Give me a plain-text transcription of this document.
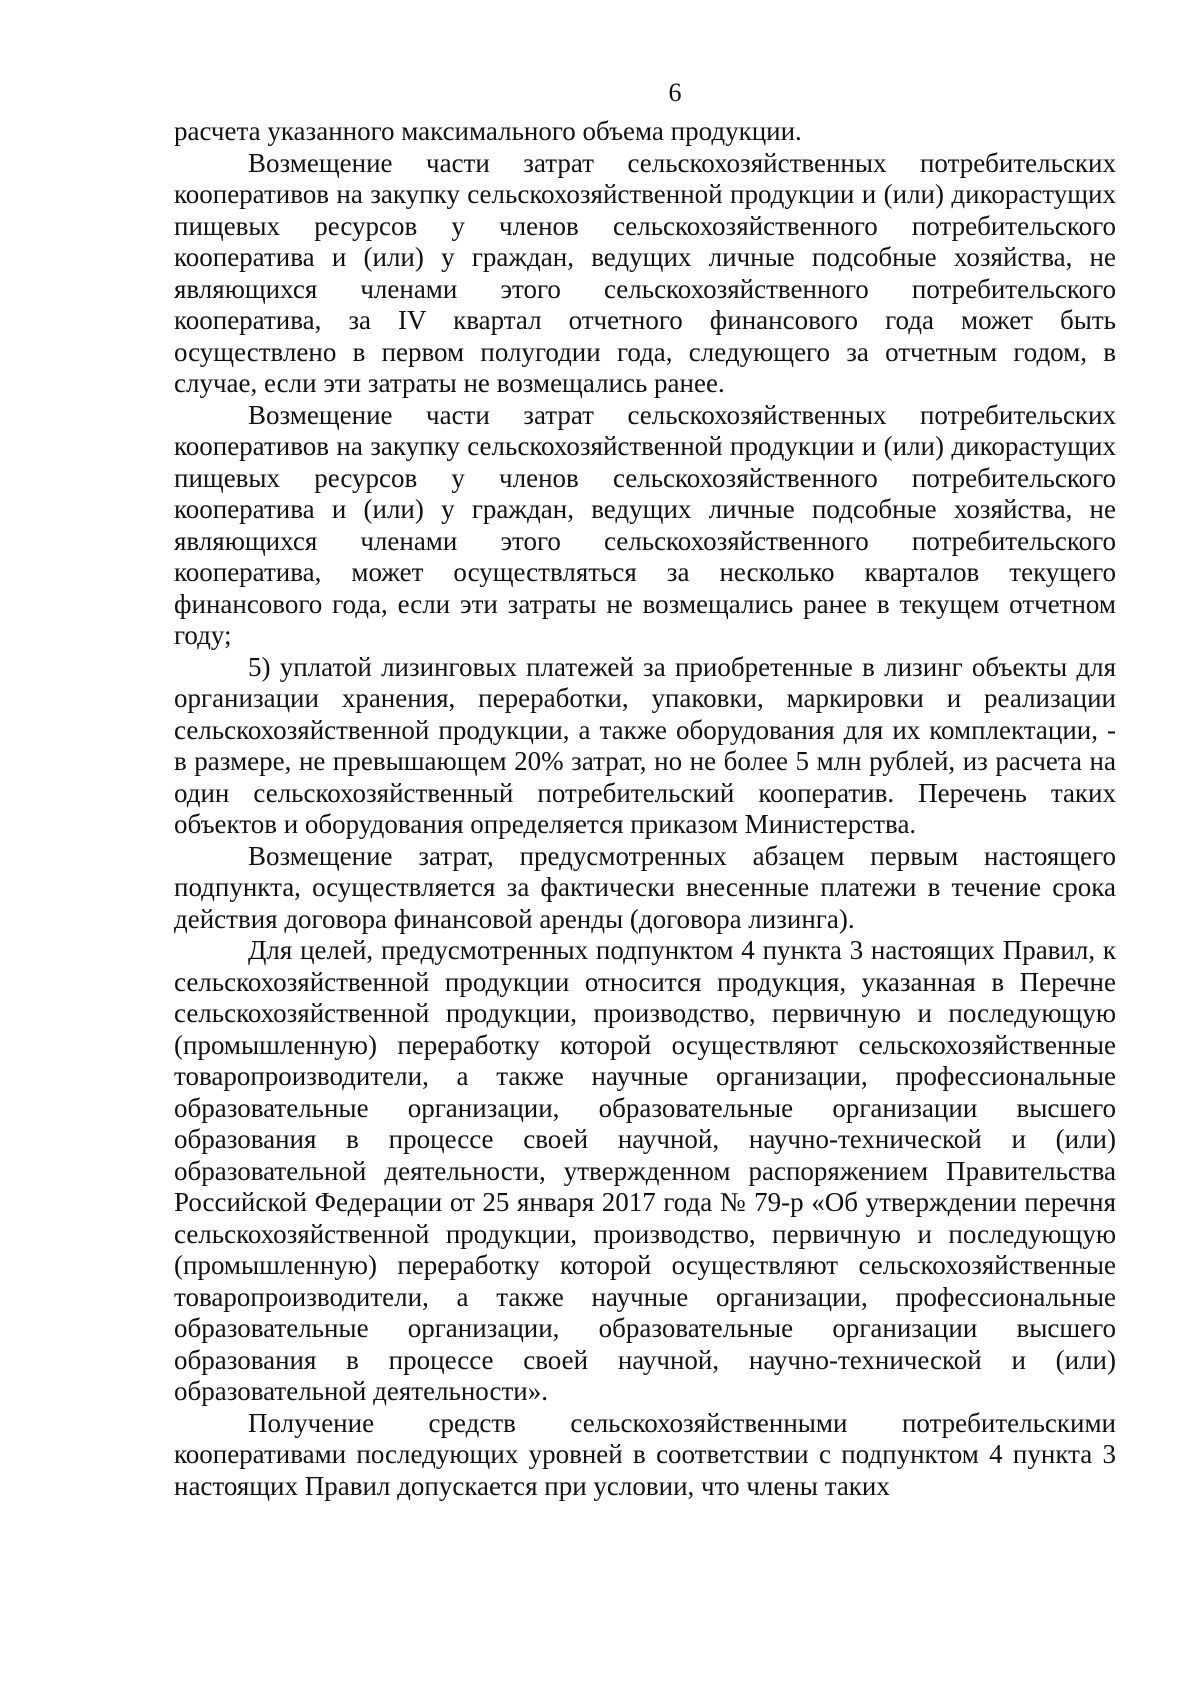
6

расчета указанного максимального объема продукции.

Возмещение части затрат сельскохозяйственных потребительских кооперативов на закупку сельскохозяйственной продукции и (или) дикорастущих пищевых ресурсов у членов сельскохозяйственного потребительского кооператива и (или) у граждан, ведущих личные подсобные хозяйства, не являющихся членами этого сельскохозяйственного потребительского кооператива, за IV квартал отчетного финансового года может быть осуществлено в первом полугодии года, следующего за отчетным годом, в случае, если эти затраты не возмещались ранее.

Возмещение части затрат сельскохозяйственных потребительских кооперативов на закупку сельскохозяйственной продукции и (или) дикорастущих пищевых ресурсов у членов сельскохозяйственного потребительского кооператива и (или) у граждан, ведущих личные подсобные хозяйства, не являющихся членами этого сельскохозяйственного потребительского кооператива, может осуществляться за несколько кварталов текущего финансового года, если эти затраты не возмещались ранее в текущем отчетном году;

5) уплатой лизинговых платежей за приобретенные в лизинг объекты для организации хранения, переработки, упаковки, маркировки и реализации сельскохозяйственной продукции, а также оборудования для их комплектации, - в размере, не превышающем 20% затрат, но не более 5 млн рублей, из расчета на один сельскохозяйственный потребительский кооператив. Перечень таких объектов и оборудования определяется приказом Министерства.

Возмещение затрат, предусмотренных абзацем первым настоящего подпункта, осуществляется за фактически внесенные платежи в течение срока действия договора финансовой аренды (договора лизинга).

Для целей, предусмотренных подпунктом 4 пункта 3 настоящих Правил, к сельскохозяйственной продукции относится продукция, указанная в Перечне сельскохозяйственной продукции, производство, первичную и последующую (промышленную) переработку которой осуществляют сельскохозяйственные товаропроизводители, а также научные организации, профессиональные образовательные организации, образовательные организации высшего образования в процессе своей научной, научно-технической и (или) образовательной деятельности, утвержденном распоряжением Правительства Российской Федерации от 25 января 2017 года № 79-р «Об утверждении перечня сельскохозяйственной продукции, производство, первичную и последующую (промышленную) переработку которой осуществляют сельскохозяйственные товаропроизводители, а также научные организации, профессиональные образовательные организации, образовательные организации высшего образования в процессе своей научной, научно-технической и (или) образовательной деятельности».

Получение средств сельскохозяйственными потребительскими кооперативами последующих уровней в соответствии с подпунктом 4 пункта 3 настоящих Правил допускается при условии, что члены таких
